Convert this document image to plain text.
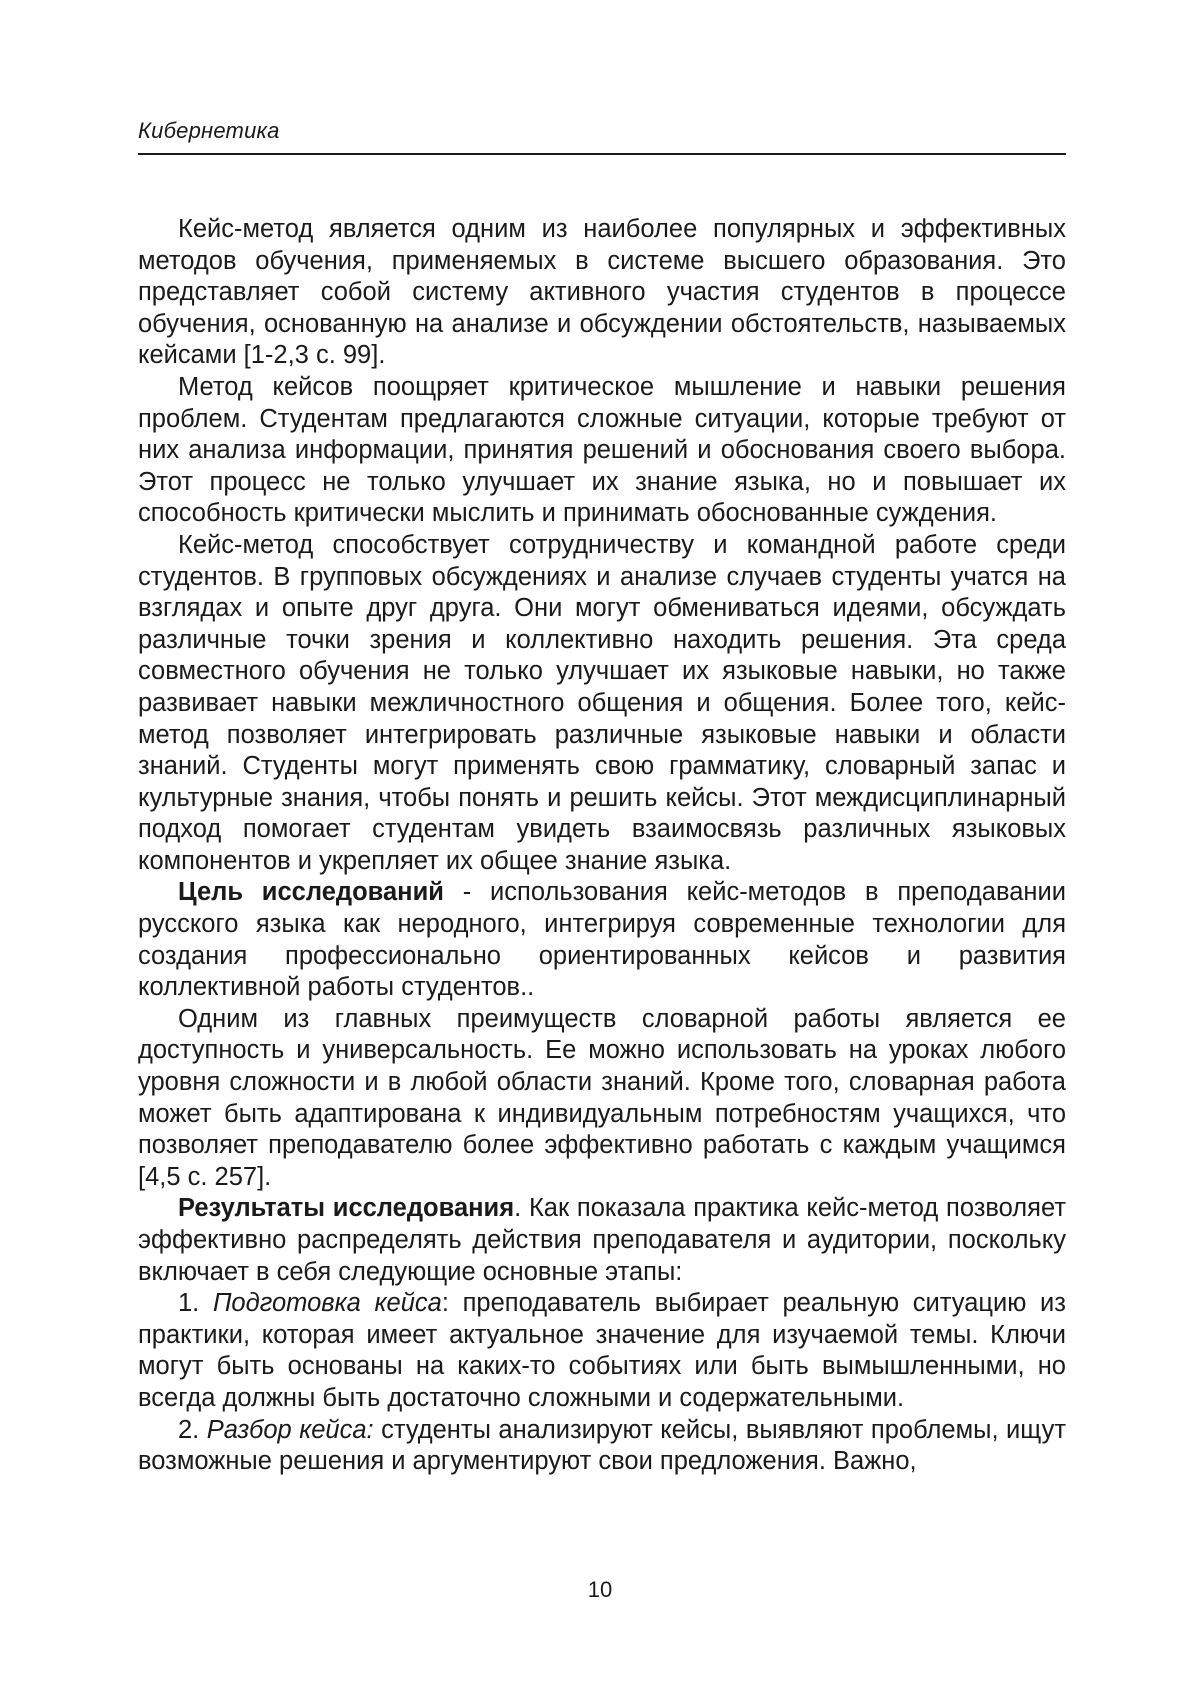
Кибернетика

Кейс-метод является одним из наиболее популярных и эффективных методов обучения, применяемых в системе высшего образования. Это представляет собой систему активного участия студентов в процессе обучения, основанную на анализе и обсуждении обстоятельств, называемых кейсами [1-2,3 с. 99].

Метод кейсов поощряет критическое мышление и навыки решения проблем. Студентам предлагаются сложные ситуации, которые требуют от них анализа информации, принятия решений и обоснования своего выбора. Этот процесс не только улучшает их знание языка, но и повышает их способность критически мыслить и принимать обоснованные суждения.

Кейс-метод способствует сотрудничеству и командной работе среди студентов. В групповых обсуждениях и анализе случаев студенты учатся на взглядах и опыте друг друга. Они могут обмениваться идеями, обсуждать различные точки зрения и коллективно находить решения. Эта среда совместного обучения не только улучшает их языковые навыки, но также развивает навыки межличностного общения и общения. Более того, кейс-метод позволяет интегрировать различные языковые навыки и области знаний. Студенты могут применять свою грамматику, словарный запас и культурные знания, чтобы понять и решить кейсы. Этот междисциплинарный подход помогает студентам увидеть взаимосвязь различных языковых компонентов и укрепляет их общее знание языка.

Цель исследований - использования кейс-методов в преподавании русского языка как неродного, интегрируя современные технологии для создания профессионально ориентированных кейсов и развития коллективной работы студентов..

Одним из главных преимуществ словарной работы является ее доступность и универсальность. Ее можно использовать на уроках любого уровня сложности и в любой области знаний. Кроме того, словарная работа может быть адаптирована к индивидуальным потребностям учащихся, что позволяет преподавателю более эффективно работать с каждым учащимся [4,5 с. 257].

Результаты исследования. Как показала практика кейс-метод позволяет эффективно распределять действия преподавателя и аудитории, поскольку включает в себя следующие основные этапы:

1. Подготовка кейса: преподаватель выбирает реальную ситуацию из практики, которая имеет актуальное значение для изучаемой темы. Ключи могут быть основаны на каких-то событиях или быть вымышленными, но всегда должны быть достаточно сложными и содержательными.

2. Разбор кейса: студенты анализируют кейсы, выявляют проблемы, ищут возможные решения и аргументируют свои предложения. Важно,

10
